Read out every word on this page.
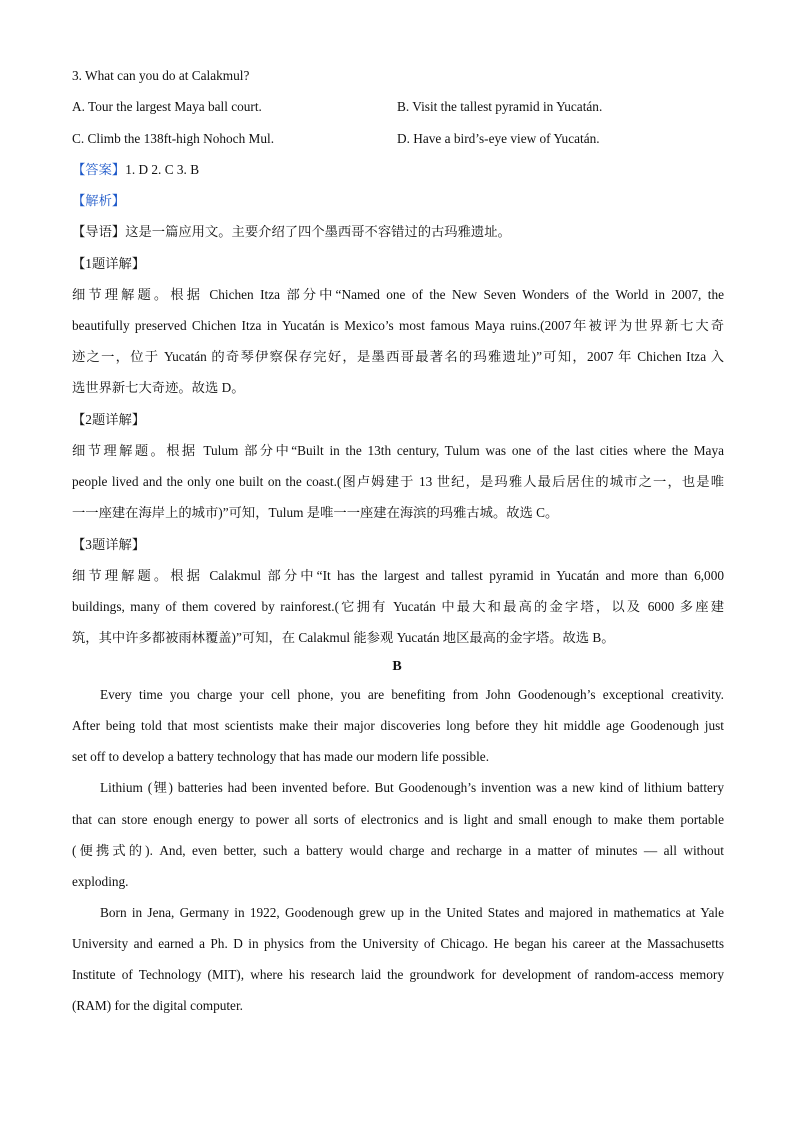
3. What can you do at Calakmul?
A. Tour the largest Maya ball court.	B. Visit the tallest pyramid in Yucatán.
C. Climb the 138ft-high Nohoch Mul.	D. Have a bird’s-eye view of Yucatán.
【答案】1. D 2. C 3. B
【解析】
【导语】这是一篇应用文。主要介绍了四个墨西哥不容错过的古玛雅遗址。
【1题详解】
细节理解题。根据 Chichen Itza 部分中“Named one of the New Seven Wonders of the World in 2007, the
beautifully preserved Chichen Itza in Yucatán is Mexico’s most famous Maya ruins.(2007年被评为世界新七大奇
迹之一，位于 Yucatán 的奇琴伊察保存完好，是墨西哥最著名的玛雅遗址)”可知，2007 年 Chichen Itza 入
选世界新七大奇迹。故选 D。
【2题详解】
细节理解题。根据 Tulum 部分中“Built in the 13th century, Tulum was one of the last cities where the Maya
people lived and the only one built on the coast.(图卢姆建于 13 世纪，是玛雅人最后居住的城市之一，也是唯
一一座建在海岸上的城市)”可知，Tulum 是唯一一座建在海滨的玛雅古城。故选 C。
【3题详解】
细节理解题。根据 Calakmul 部分中“It has the largest and tallest pyramid in Yucatán and more than 6,000
buildings, many of them covered by rainforest.(它拥有 Yucatán 中最大和最高的金字塔，以及 6000 多座建
筑，其中许多都被雨林覆盖)”可知，在 Calakmul 能参观 Yucatán 地区最高的金字塔。故选 B。
B
Every time you charge your cell phone, you are benefiting from John Goodenough’s exceptional creativity.
After being told that most scientists make their major discoveries long before they hit middle age Goodenough just
set off to develop a battery technology that has made our modern life possible.
Lithium (锂) batteries had been invented before. But Goodenough’s invention was a new kind of lithium battery
that can store enough energy to power all sorts of electronics and is light and small enough to make them portable
(便携式的). And, even better, such a battery would charge and recharge in a matter of minutes — all without
exploding.
Born in Jena, Germany in 1922, Goodenough grew up in the United States and majored in mathematics at Yale
University and earned a Ph. D in physics from the University of Chicago. He began his career at the Massachusetts
Institute of Technology (MIT), where his research laid the groundwork for development of random-access memory
(RAM) for the digital computer.
